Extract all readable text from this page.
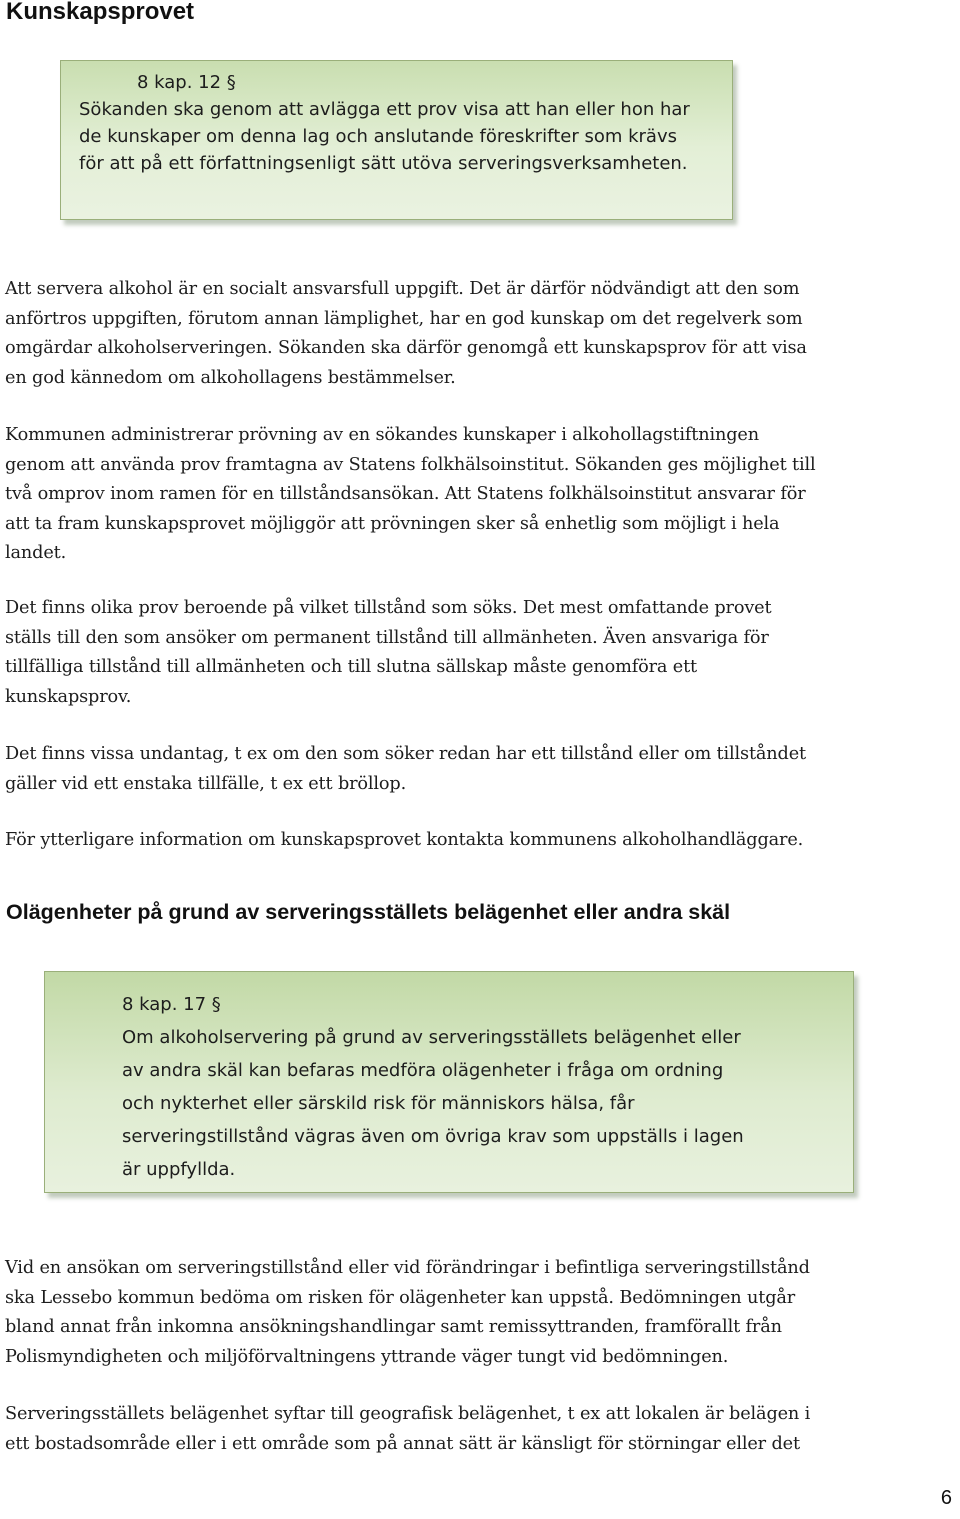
Kunskapsprovet
8 kap. 12 §
Sökanden ska genom att avlägga ett prov visa att han eller hon har
de kunskaper om denna lag och anslutande föreskrifter som krävs
för att på ett författningsenligt sätt utöva serveringsverksamheten.

Att servera alkohol är en socialt ansvarsfull uppgift. Det är därför nödvändigt att den som
anförtros uppgiften, förutom annan lämplighet, har en god kunskap om det regelverk som
omgärdar alkoholserveringen. Sökanden ska därför genomgå ett kunskapsprov för att visa
en god kännedom om alkohollagens bestämmelser.

Kommunen administrerar prövning av en sökandes kunskaper i alkohollagstiftningen
genom att använda prov framtagna av Statens folkhälsoinstitut. Sökanden ges möjlighet till
två omprov inom ramen för en tillståndsansökan. Att Statens folkhälsoinstitut ansvarar för
att ta fram kunskapsprovet möjliggör att prövningen sker så enhetlig som möjligt i hela
landet.

Det finns olika prov beroende på vilket tillstånd som söks. Det mest omfattande provet
ställs till den som ansöker om permanent tillstånd till allmänheten. Även ansvariga för
tillfälliga tillstånd till allmänheten och till slutna sällskap måste genomföra ett
kunskapsprov.

Det finns vissa undantag, t ex om den som söker redan har ett tillstånd eller om tillståndet
gäller vid ett enstaka tillfälle, t ex ett bröllop.

För ytterligare information om kunskapsprovet kontakta kommunens alkoholhandläggare.

Olägenheter på grund av serveringsställets belägenhet eller andra skäl
8 kap. 17 §
Om alkoholservering på grund av serveringsställets belägenhet eller
av andra skäl kan befaras medföra olägenheter i fråga om ordning
och nykterhet eller särskild risk för människors hälsa, får
serveringstillstånd vägras även om övriga krav som uppställs i lagen
är uppfyllda.

Vid en ansökan om serveringstillstånd eller vid förändringar i befintliga serveringstillstånd
ska Lessebo kommun bedöma om risken för olägenheter kan uppstå. Bedömningen utgår
bland annat från inkomna ansökningshandlingar samt remissyttranden, framförallt från
Polismyndigheten och miljöförvaltningens yttrande väger tungt vid bedömningen.

Serveringsställets belägenhet syftar till geografisk belägenhet, t ex att lokalen är belägen i
ett bostadsområde eller i ett område som på annat sätt är känsligt för störningar eller det

6
